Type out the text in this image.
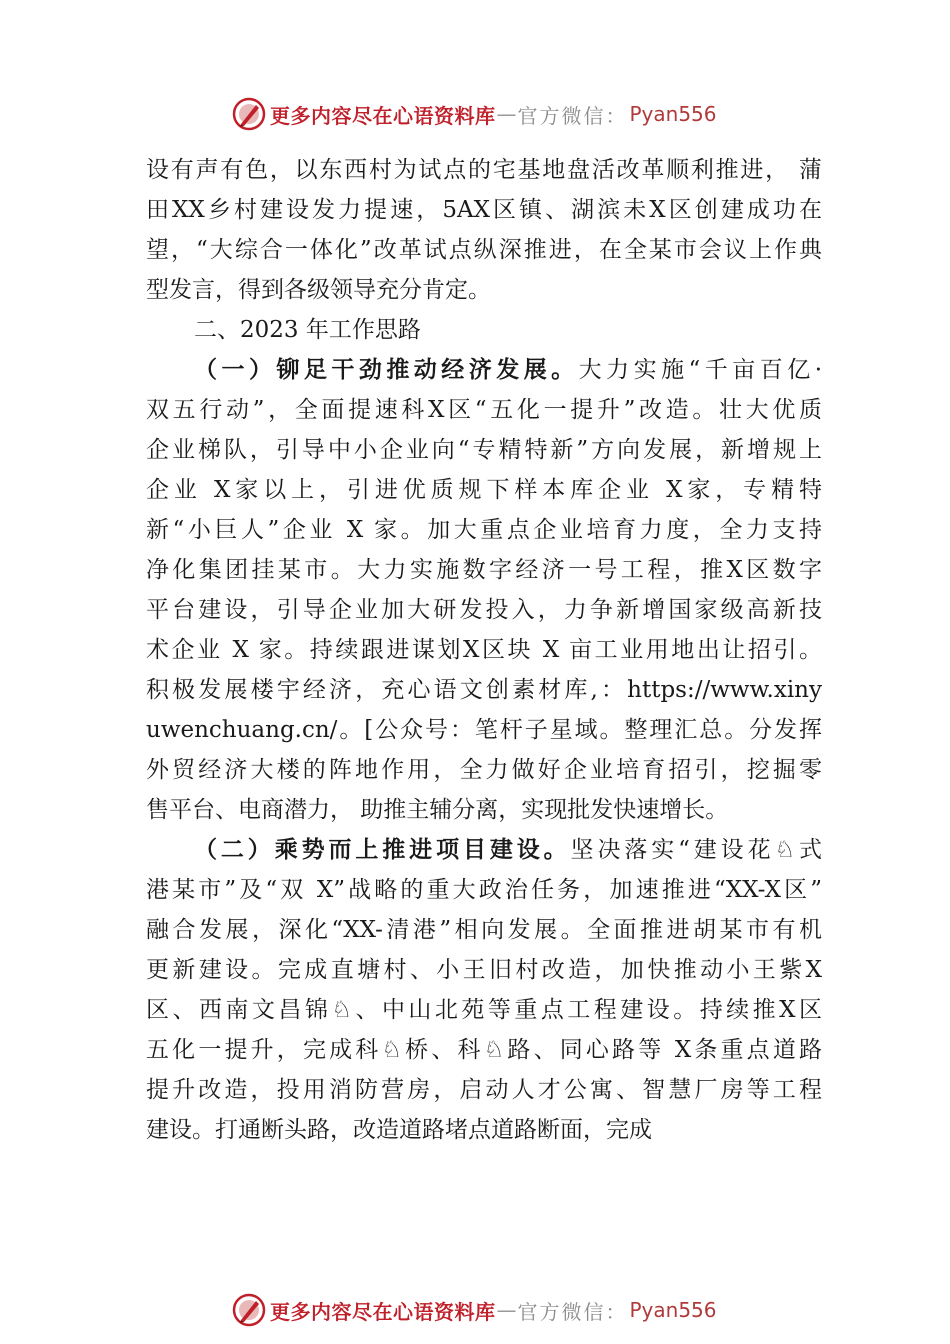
更多内容尽在心语资料库 — 官方微信： Pyan556
设有声有色，以东西村为试点的宅基地盘活改革顺利推进， 蒲
田XX乡村建设发力提速，5AX区镇、湖滨未X区创建成功在
望，“大综合一体化”改革试点纵深推进，在全某市会议上作典
型发言，得到各级领导充分肯定。
二、2023 年工作思路
（一）铆足干劲推动经济发展。大力实施“千亩百亿·
双五行动”，全面提速科X区“五化一提升”改造。壮大优质
企业梯队，引导中小企业向“专精特新”方向发展，新增规上
企业 X家以上，引进优质规下样本库企业 X家，专精特
新“小巨人”企业 X 家。加大重点企业培育力度，全力支持
净化集团挂某市。大力实施数字经济一号工程，推X区数字
平台建设，引导企业加大研发投入，力争新增国家级高新技
术企业 X 家。持续跟进谋划X区块 X 亩工业用地出让招引。
积极发展楼宇经济，充心语文创素材库,：https://www.xiny
uwenchuang.cn/。[公众号：笔杆子星域。整理汇总。分发挥
外贸经济大楼的阵地作用，全力做好企业培育招引，挖掘零
售平台、电商潜力， 助推主辅分离，实现批发快速增长。
（二）乘势而上推进项目建设。坚决落实“建设花♘式
港某市”及“双 X”战略的重大政治任务，加速推进“XX-X区”
融合发展，深化“XX-清港”相向发展。全面推进胡某市有机
更新建设。完成直塘村、小王旧村改造，加快推动小王紫X
区、西南文昌锦♘、中山北苑等重点工程建设。持续推X区
五化一提升，完成科♘桥、科♘路、同心路等 X条重点道路
提升改造，投用消防营房，启动人才公寓、智慧厂房等工程
建设。打通断头路，改造道路堵点道路断面，完成
更多内容尽在心语资料库 — 官方微信： Pyan556
